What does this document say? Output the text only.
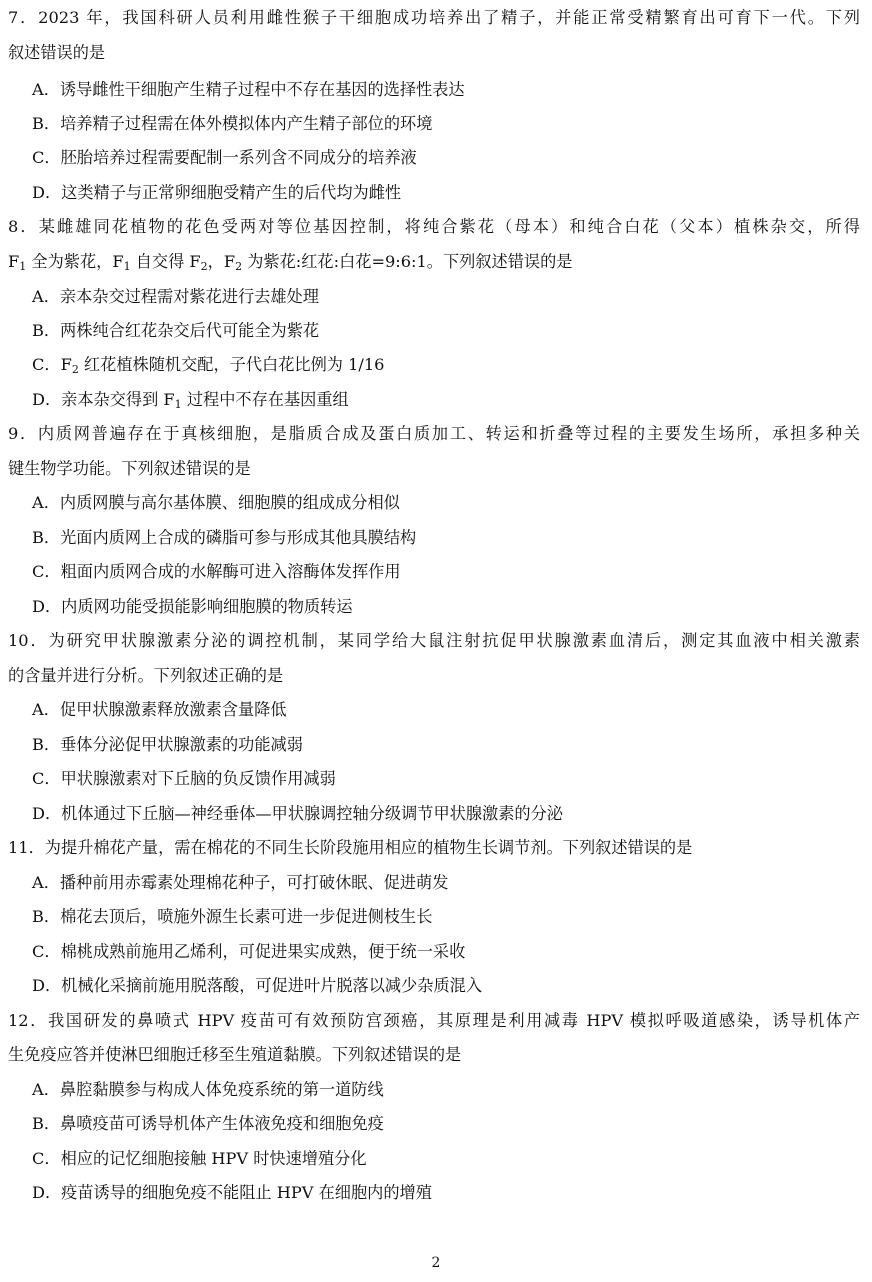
7．2023 年，我国科研人员利用雌性猴子干细胞成功培养出了精子，并能正常受精繁育出可育下一代。下列
叙述错误的是
A．诱导雌性干细胞产生精子过程中不存在基因的选择性表达
B．培养精子过程需在体外模拟体内产生精子部位的环境
C．胚胎培养过程需要配制一系列含不同成分的培养液
D．这类精子与正常卵细胞受精产生的后代均为雌性
8．某雌雄同花植物的花色受两对等位基因控制，将纯合紫花（母本）和纯合白花（父本）植株杂交，所得
$F_1$ 全为紫花，$F_1$ 自交得 $F_2$，$F_2$ 为紫花:红花:白花=9:6:1。下列叙述错误的是
A．亲本杂交过程需对紫花进行去雄处理
B．两株纯合红花杂交后代可能全为紫花
C．$F_2$ 红花植株随机交配，子代白花比例为 1/16
D．亲本杂交得到 $F_1$ 过程中不存在基因重组
9．内质网普遍存在于真核细胞，是脂质合成及蛋白质加工、转运和折叠等过程的主要发生场所，承担多种关
键生物学功能。下列叙述错误的是
A．内质网膜与高尔基体膜、细胞膜的组成成分相似
B．光面内质网上合成的磷脂可参与形成其他具膜结构
C．粗面内质网合成的水解酶可进入溶酶体发挥作用
D．内质网功能受损能影响细胞膜的物质转运
10．为研究甲状腺激素分泌的调控机制，某同学给大鼠注射抗促甲状腺激素血清后，测定其血液中相关激素
的含量并进行分析。下列叙述正确的是
A．促甲状腺激素释放激素含量降低
B．垂体分泌促甲状腺激素的功能减弱
C．甲状腺激素对下丘脑的负反馈作用减弱
D．机体通过下丘脑—神经垂体—甲状腺调控轴分级调节甲状腺激素的分泌
11．为提升棉花产量，需在棉花的不同生长阶段施用相应的植物生长调节剂。下列叙述错误的是
A．播种前用赤霉素处理棉花种子，可打破休眠、促进萌发
B．棉花去顶后，喷施外源生长素可进一步促进侧枝生长
C．棉桃成熟前施用乙烯利，可促进果实成熟，便于统一采收
D．机械化采摘前施用脱落酸，可促进叶片脱落以减少杂质混入
12．我国研发的鼻喷式 HPV 疫苗可有效预防宫颈癌，其原理是利用减毒 HPV 模拟呼吸道感染，诱导机体产
生免疫应答并使淋巴细胞迁移至生殖道黏膜。下列叙述错误的是
A．鼻腔黏膜参与构成人体免疫系统的第一道防线
B．鼻喷疫苗可诱导机体产生体液免疫和细胞免疫
C．相应的记忆细胞接触 HPV 时快速增殖分化
D．疫苗诱导的细胞免疫不能阻止 HPV 在细胞内的增殖
2
